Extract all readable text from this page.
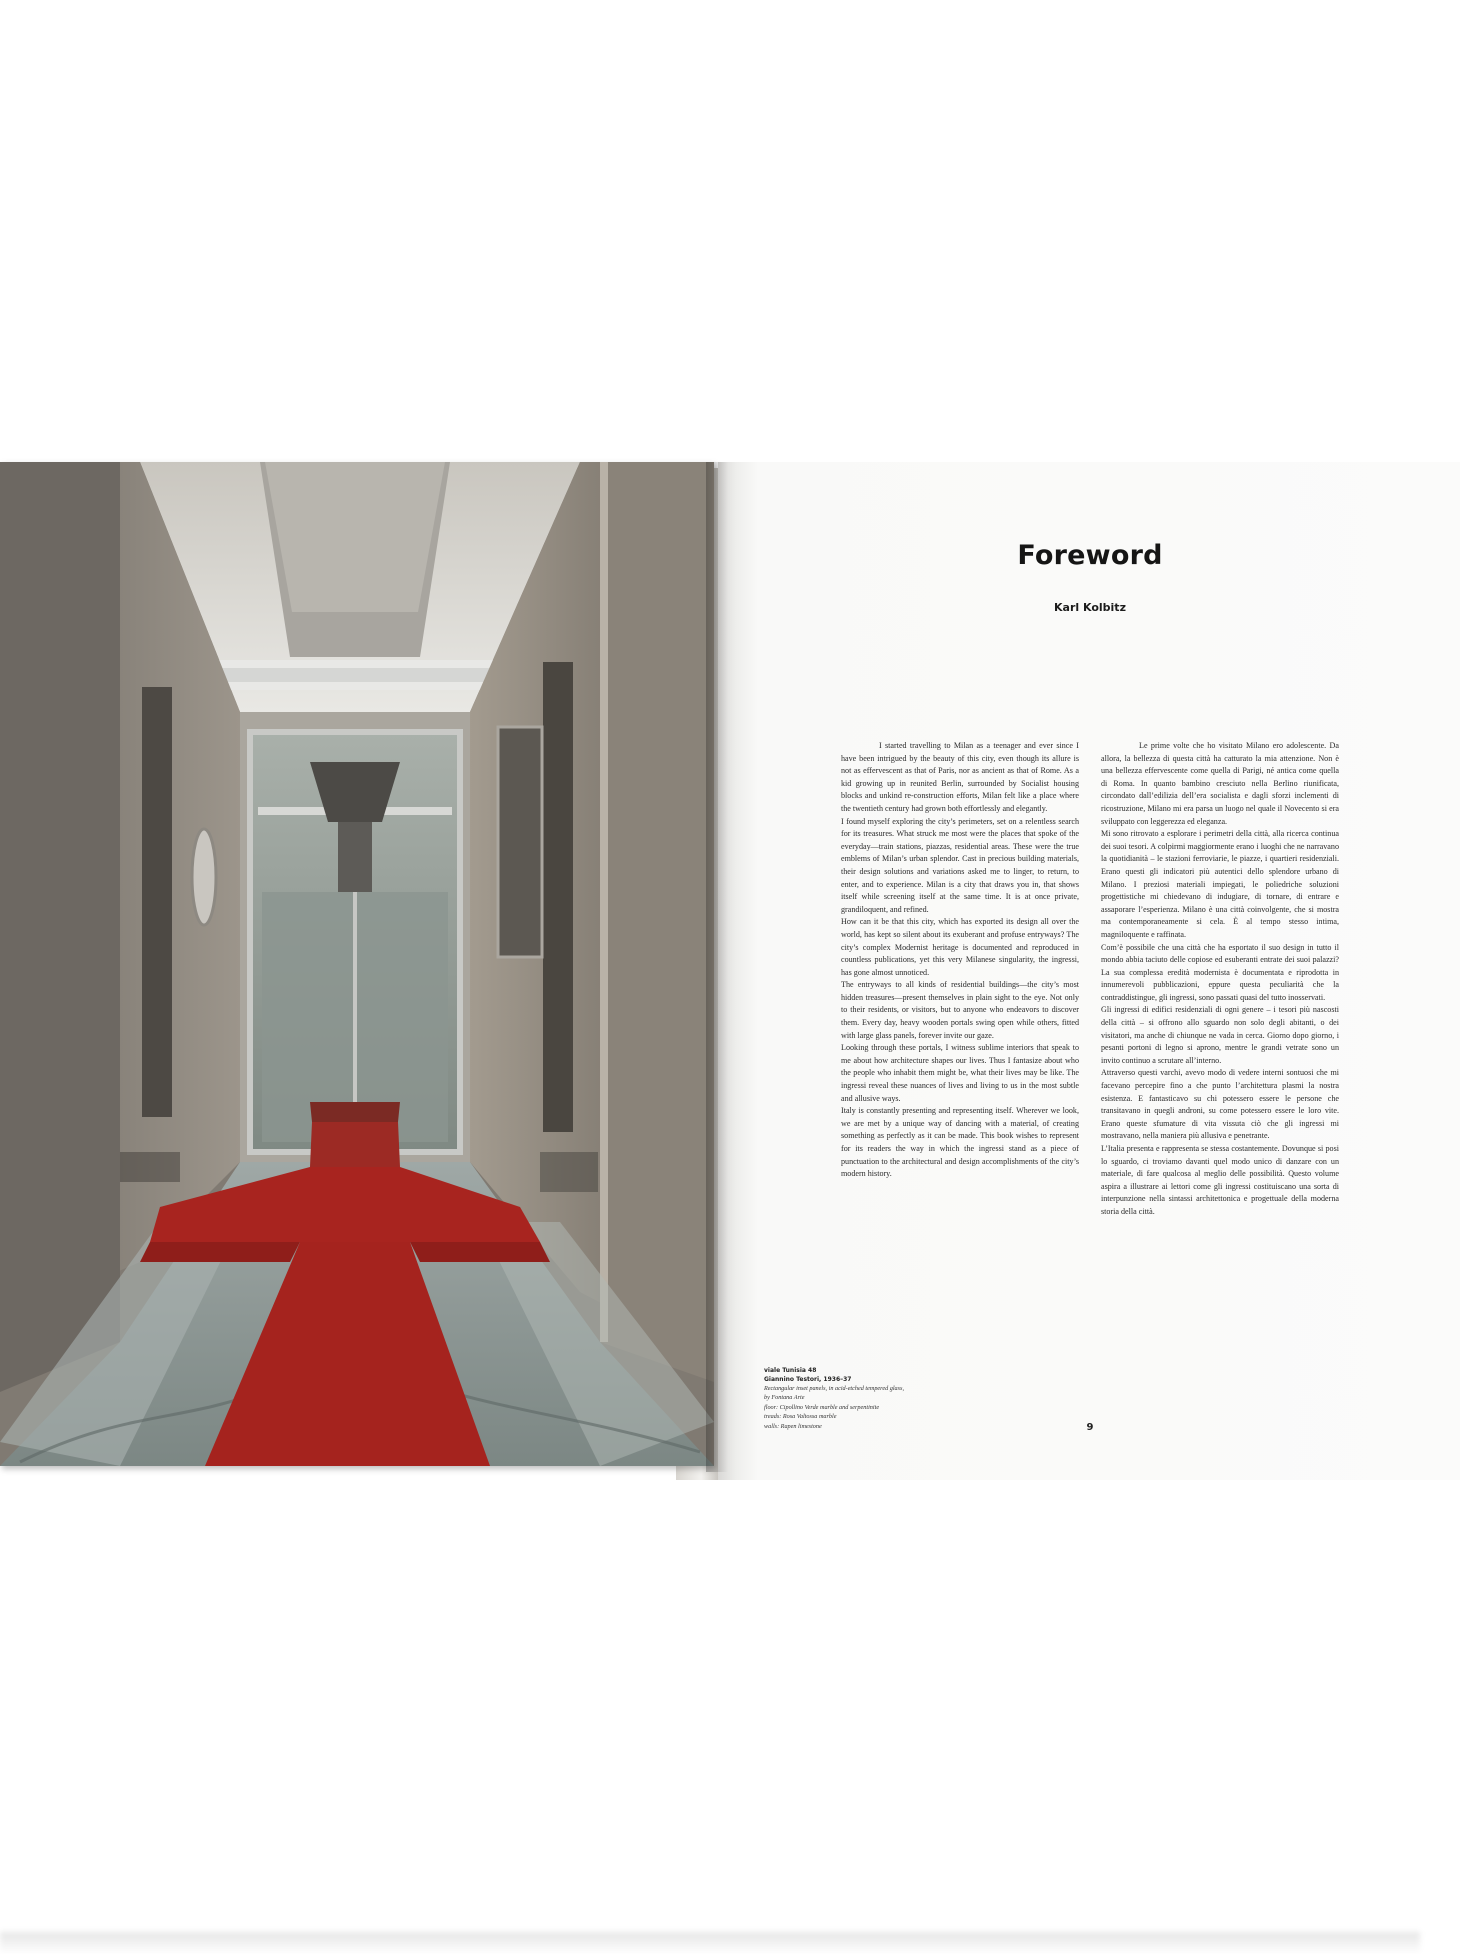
Foreword
Karl Kolbitz

I started travelling to Milan as a teenager and ever since I have been intrigued by the beauty of this city, even though its allure is not as effervescent as that of Paris, nor as ancient as that of Rome. As a kid growing up in reunited Berlin, surrounded by Socialist housing blocks and unkind re-construction efforts, Milan felt like a place where the twentieth century had grown both effortlessly and elegantly.

I found myself exploring the city’s perimeters, set on a relentless search for its treasures. What struck me most were the places that spoke of the everyday—train stations, piazzas, residential areas. These were the true emblems of Milan’s urban splendor. Cast in precious building materials, their design solutions and variations asked me to linger, to return, to enter, and to experience. Milan is a city that draws you in, that shows itself while screening itself at the same time. It is at once private, grandiloquent, and refined.

How can it be that this city, which has exported its design all over the world, has kept so silent about its exuberant and profuse entryways? The city’s complex Modernist heritage is documented and reproduced in countless publications, yet this very Milanese singularity, the ingressi, has gone almost unnoticed.

The entryways to all kinds of residential buildings—the city’s most hidden treasures—present themselves in plain sight to the eye. Not only to their residents, or visitors, but to anyone who endeavors to discover them. Every day, heavy wooden portals swing open while others, fitted with large glass panels, forever invite our gaze.

Looking through these portals, I witness sublime interiors that speak to me about how architecture shapes our lives. Thus I fantasize about who the people who inhabit them might be, what their lives may be like. The ingressi reveal these nuances of lives and living to us in the most subtle and allusive ways.

Italy is constantly presenting and representing itself. Wherever we look, we are met by a unique way of dancing with a material, of creating something as perfectly as it can be made. This book wishes to represent for its readers the way in which the ingressi stand as a piece of punctuation to the architectural and design accomplishments of the city’s modern history.

Le prime volte che ho visitato Milano ero adolescente. Da allora, la bellezza di questa città ha catturato la mia attenzione. Non è una bellezza effervescente come quella di Parigi, né antica come quella di Roma. In quanto bambino cresciuto nella Berlino riunificata, circondato dall’edilizia dell’era socialista e dagli sforzi inclementi di ricostruzione, Milano mi era parsa un luogo nel quale il Novecento si era sviluppato con leggerezza ed eleganza.

Mi sono ritrovato a esplorare i perimetri della città, alla ricerca continua dei suoi tesori. A colpirmi maggiormente erano i luoghi che ne narravano la quotidianità – le stazioni ferroviarie, le piazze, i quartieri residenziali. Erano questi gli indicatori più autentici dello splendore urbano di Milano. I preziosi materiali impiegati, le poliedriche soluzioni progettistiche mi chiedevano di indugiare, di tornare, di entrare e assaporare l’esperienza. Milano è una città coinvolgente, che si mostra ma contemporaneamente si cela. È al tempo stesso intima, magniloquente e raffinata.

Com’è possibile che una città che ha esportato il suo design in tutto il mondo abbia taciuto delle copiose ed esuberanti entrate dei suoi palazzi? La sua complessa eredità modernista è documentata e riprodotta in innumerevoli pubblicazioni, eppure questa peculiarità che la contraddistingue, gli ingressi, sono passati quasi del tutto inosservati.

Gli ingressi di edifici residenziali di ogni genere – i tesori più nascosti della città – si offrono allo sguardo non solo degli abitanti, o dei visitatori, ma anche di chiunque ne vada in cerca. Giorno dopo giorno, i pesanti portoni di legno si aprono, mentre le grandi vetrate sono un invito continuo a scrutare all’interno.

Attraverso questi varchi, avevo modo di vedere interni sontuosi che mi facevano percepire fino a che punto l’architettura plasmi la nostra esistenza. E fantasticavo su chi potessero essere le persone che transitavano in quegli androni, su come potessero essere le loro vite. Erano queste sfumature di vita vissuta ciò che gli ingressi mi mostravano, nella maniera più allusiva e penetrante.

L’Italia presenta e rappresenta se stessa costantemente. Dovunque si posi lo sguardo, ci troviamo davanti quel modo unico di danzare con un materiale, di fare qualcosa al meglio delle possibilità. Questo volume aspira a illustrare ai lettori come gli ingressi costituiscano una sorta di interpunzione nella sintassi architettonica e progettuale della moderna storia della città.

viale Tunisia 48
Giannino Testori, 1936–37
Rectangular inset panels, in acid-etched tempered glass,
by Fontana Arte
floor: Cipollino Verde marble and serpentinite
treads: Rosa Valtossa marble
walls: Rapen limestone	9
